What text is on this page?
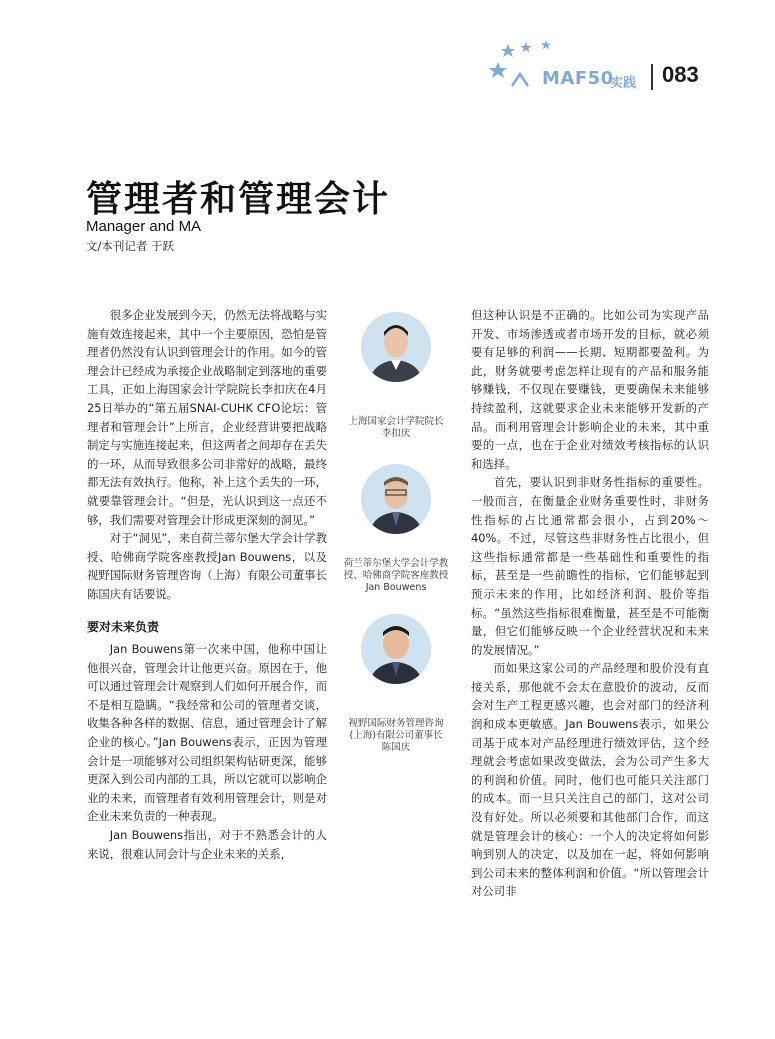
MAF50
实践 083
管理者和管理会计
Manager and MA
文/本刊记者 于跃

很多企业发展到今天，仍然无法将战略与实施有效连接起来，其中一个主要原因，恐怕是管理者仍然没有认识到管理会计的作用。如今的管理会计已经成为承接企业战略制定到落地的重要工具，正如上海国家会计学院院长李扣庆在4月25日举办的“第五届SNAI-CUHK CFO论坛：管理者和管理会计”上所言，企业经营讲要把战略制定与实施连接起来，但这两者之间却存在丢失的一环，从而导致很多公司非常好的战略，最终都无法有效执行。他称，补上这个丢失的一环，就要靠管理会计。“但是，光认识到这一点还不够，我们需要对管理会计形成更深刻的洞见。”

对于“洞见”，来自荷兰蒂尔堡大学会计学教授、哈佛商学院客座教授Jan Bouwens，以及视野国际财务管理咨询（上海）有限公司董事长陈国庆有话要说。

要对未来负责

Jan Bouwens第一次来中国，他称中国让他很兴奋，管理会计让他更兴奋。原因在于，他可以通过管理会计观察到人们如何开展合作，而不是相互隐瞒。“我经常和公司的管理者交谈，收集各种各样的数据、信息，通过管理会计了解企业的核心。”Jan Bouwens表示，正因为管理会计是一项能够对公司组织架构钻研更深，能够更深入到公司内部的工具，所以它就可以影响企业的未来，而管理者有效利用管理会计，则是对企业未来负责的一种表现。

Jan Bouwens指出，对于不熟悉会计的人来说，很难认同会计与企业未来的关系，

上海国家会计学院院长
李扣庆
荷兰蒂尔堡大学会计学教
授、哈佛商学院客座教授
Jan Bouwens
视野国际财务管理咨询
(上海)有限公司董事长
陈国庆

但这种认识是不正确的。比如公司为实现产品开发、市场渗透或者市场开发的目标，就必须要有足够的利润——长期、短期都要盈利。为此，财务就要考虑怎样让现有的产品和服务能够赚钱，不仅现在要赚钱，更要确保未来能够持续盈利，这就要求企业未来能够开发新的产品。而利用管理会计影响企业的未来，其中重要的一点，也在于企业对绩效考核指标的认识和选择。

首先，要认识到非财务性指标的重要性。一般而言，在衡量企业财务重要性时，非财务性指标的占比通常都会很小，占到20%～40%。不过，尽管这些非财务性占比很小，但这些指标通常都是一些基础性和重要性的指标，甚至是一些前瞻性的指标，它们能够起到预示未来的作用，比如经济利润、股价等指标。“虽然这些指标很难衡量，甚至是不可能衡量，但它们能够反映一个企业经营状况和未来的发展情况。”

而如果这家公司的产品经理和股价没有直接关系，那他就不会太在意股价的波动，反而会对生产工程更感兴趣，也会对部门的经济利润和成本更敏感。Jan Bouwens表示，如果公司基于成本对产品经理进行绩效评估，这个经理就会考虑如果改变做法，会为公司产生多大的利润和价值。同时，他们也可能只关注部门的成本。而一旦只关注自己的部门，这对公司没有好处。所以必须要和其他部门合作，而这就是管理会计的核心：一个人的决定将如何影响到别人的决定，以及加在一起，将如何影响到公司未来的整体利润和价值。“所以管理会计对公司非
